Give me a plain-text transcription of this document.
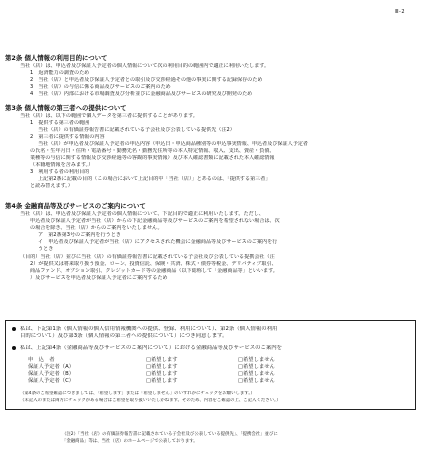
Ⅲ-2
第2条 個人情報の利用目的について
当社（店）は、申込者及び保証人予定者の個人情報について次の利用目的の範囲内で適正に利用いたします。
1　返済能力の調査のため
2　当社（店）と申込者及び保証人予定者との取引及び交渉経過その他の事実に関する記録保存のため
3　当社（店）の与信に係る商品及びサービスのご案内のため
4　当社（店）内部における市場調査及び分析並びに金融商品及びサービスの研究及び開発のため
第3条 個人情報の第三者への提供について
当社（店）は、以下の範囲で個人データを第三者に提供することがあります。
1　提供する第三者の範囲
当社（店）の有価証券報告書に記載されている子会社及び公表している提供先（注2）
2　第三者に提供する情報の内容
当社（店）が申込者及び保証人予定者の申込内容（申込日・申込商品種別等の申込事実情報、申込者及び保証人予定者
の氏名・生年月日・住所・電話番号・勤務先名・勤務先住所等の本人特定情報、収入、支出、資産・負債、
業種等の与信に関する情報及び交渉経過等の客観的事実情報）及び本人確認書類に記載された本人確認情報
（本籍地情報を含みます。）
3　利用する者の利用目的
上記第2条に記載の目的（この場合において上記目的中「当社（店）」とあるのは、「提供する第三者」
と読み替えます。）
第4条 金融商品等及びサービスのご案内について
当社（店）は、申込者及び保証人予定者の個人情報について、下記目的で適正に利用いたします。ただし、
申込者及び保証人予定者が当社（店）からの下記金融商品等及びサービスのご案内を希望されない場合は、次
の場合を除き、当社（店）からのご案内をいたしません。
ア　第2条第3号のご案内を行うとき
イ　申込者及び保証人予定者が当社（店）にアクセスされた機会に金融商品等及びサービスのご案内を行
うとき
（目的）当社（店）並びに当社（店）の有価証券報告書に記載されている子会社及び公表している提携会社（注
2）が提供又は将来取り扱う預金、ローン、投資信託、保険・共済、株式・債券等税金、デリバティブ取引、
商品ファンド、オプション取引、クレジットカード等の金融商品（以下総称して「金融商品等」といいます。
）及びサービスを申込者及び保証人予定者にご案内するため
私は、下記第1条（個人情報の個人信用情報機関への提供、登録、利用について）、第2条（個人情報の利用
目的について）及び第3条（個人情報の第三者への提供について）につき同意します。
私は、上記第4条（金融商品等及びサービスのご案内について）における金融商品等及びサービスのご案内を
申　込　者	□希望します	□希望しません
保証人予定者（A）	□希望します	□希望しません
保証人予定者（B）	□希望します	□希望しません
保証人予定者（C）	□希望します	□希望しません
（第4条のご希望確認につきましては、「希望します」または「希望しません」のいずれかにチェックをお願いします。）
（未記入のまたは両方にチェックがある場合はご希望を取り扱いいたしかねます。そのため、内容をご確認の上、ご記入ください。）
（注2）「当社（店）の有価証券報告書に記載されている子会社及び公表している提供先」、「提携会社」並びに
「金融商品」等は、当社（店）のホームページで公表しております。
